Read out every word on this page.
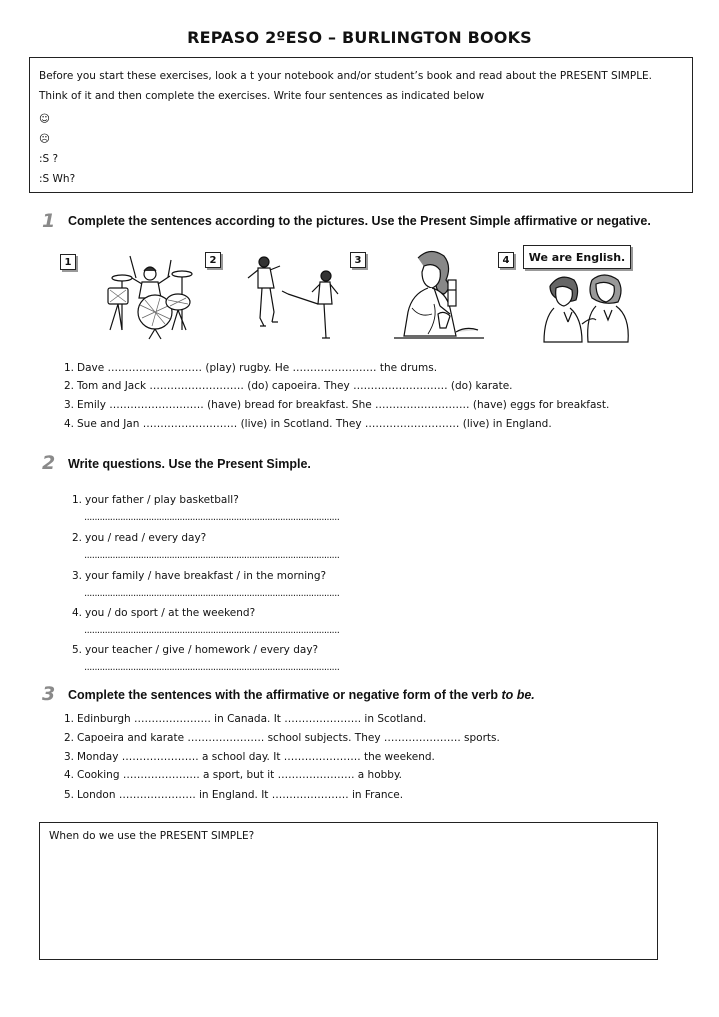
REPASO 2ºESO – BURLINGTON BOOKS
Before you start these exercises, look a t your notebook and/or student’s book and read about the PRESENT SIMPLE.
Think of it and then complete the exercises. Write four sentences as indicated below
☺
☹
:S ?
:S Wh?
1 Complete the sentences according to the pictures. Use the Present Simple affirmative or negative.
1	2	3	4	We are English.
1. Dave ……………………… (play) rugby. He …………………… the drums.
2. Tom and Jack ……………………… (do) capoeira. They ……………………… (do) karate.
3. Emily ……………………… (have) bread for breakfast. She ……………………… (have) eggs for breakfast.
4. Sue and Jan ……………………… (live) in Scotland. They ……………………… (live) in England.
2 Write questions. Use the Present Simple.
1. your father / play basketball?
...................................................................................................
2. you / read / every day?
...................................................................................................
3. your family / have breakfast / in the morning?
...................................................................................................
4. you / do sport / at the weekend?
...................................................................................................
5. your teacher / give / homework / every day?
...................................................................................................
3 Complete the sentences with the affirmative or negative form of the verb to be.
1. Edinburgh …………………. in Canada. It …………………. in Scotland.
2. Capoeira and karate …………………. school subjects. They …………………. sports.
3. Monday …………………. a school day. It …………………. the weekend.
4. Cooking …………………. a sport, but it …………………. a hobby.
5. London …………………. in England. It …………………. in France.
When do we use the PRESENT SIMPLE?
